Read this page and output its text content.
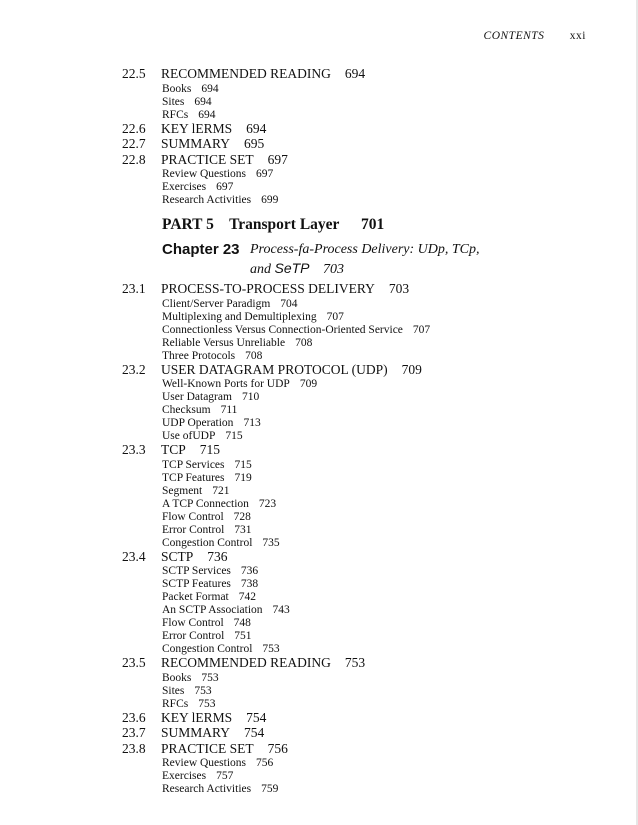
CONTENTS xxi
PART 5 Transport Layer 701
Chapter 23 Process-fa-Process Delivery: UDp, TCp,
and SeTP 703
22.5 RECOMMENDED READING 694
Books 694
Sites 694
RFCs 694
22.6 KEY lERMS 694
22.7 SUMMARY 695
22.8 PRACTICE SET 697
Review Questions 697
Exercises 697
Research Activities 699
23.1 PROCESS-TO-PROCESS DELIVERY 703
Client/Server Paradigm 704
Multiplexing and Demultiplexing 707
Connectionless Versus Connection-Oriented Service 707
Reliable Versus Unreliable 708
Three Protocols 708
23.2 USER DATAGRAM PROTOCOL (UDP) 709
Well-Known Ports for UDP 709
User Datagram 710
Checksum 711
UDP Operation 713
Use ofUDP 715
23.3 TCP 715
TCP Services 715
TCP Features 719
Segment 721
A TCP Connection 723
Flow Control 728
Error Control 731
Congestion Control 735
23.4 SCTP 736
SCTP Services 736
SCTP Features 738
Packet Format 742
An SCTP Association 743
Flow Control 748
Error Control 751
Congestion Control 753
23.5 RECOMMENDED READING 753
Books 753
Sites 753
RFCs 753
23.6 KEY lERMS 754
23.7 SUMMARY 754
23.8 PRACTICE SET 756
Review Questions 756
Exercises 757
Research Activities 759
